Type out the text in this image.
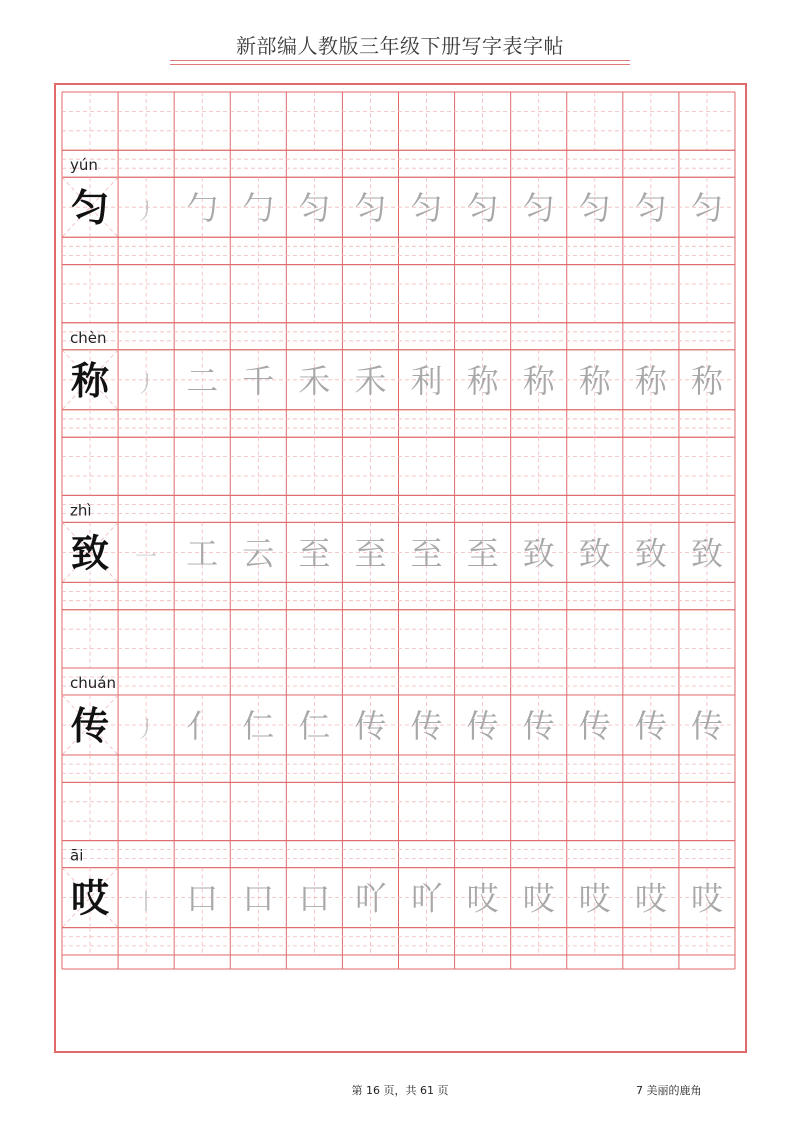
新部编人教版三年级下册写字表字帖
yún
匀 丿 勹 勹 匀 匀 匀 匀 匀 匀 匀 匀
chèn
称 丿 二 千 禾 禾 利 称 称 称 称 称
zhì
致 一 工 云 至 至 至 至 致 致 致 致
chuán
传 丿 亻 仁 仁 传 传 传 传 传 传 传
āi
哎 丨 口 口 口 吖 吖 哎 哎 哎 哎 哎
第 16 页，共 61 页	7 美丽的鹿角
